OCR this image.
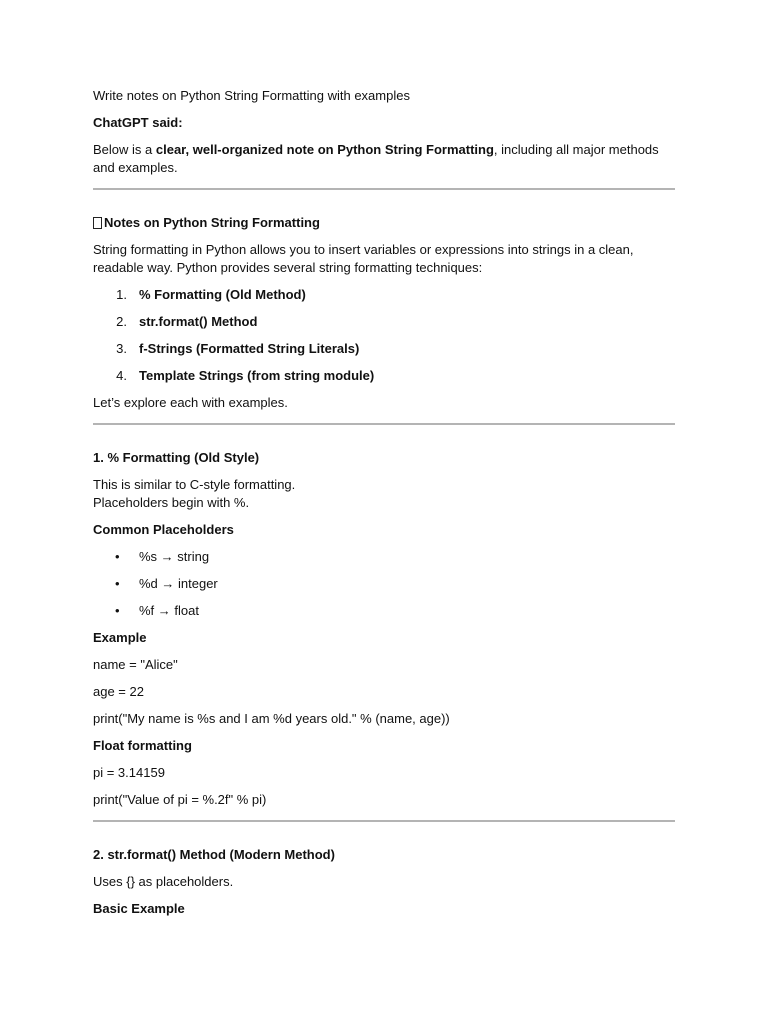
Write notes on Python String Formatting with examples

ChatGPT said:

Below is a clear, well-organized note on Python String Formatting, including all major methods and examples.

Notes on Python String Formatting

String formatting in Python allows you to insert variables or expressions into strings in a clean, readable way. Python provides several string formatting techniques:

1. % Formatting (Old Method)
2. str.format() Method
3. f-Strings (Formatted String Literals)
4. Template Strings (from string module)

Let’s explore each with examples.

1. % Formatting (Old Style)

This is similar to C-style formatting.

Placeholders begin with %.

Common Placeholders

•	%s → string
•	%d → integer
•	%f → float

Example

name = "Alice"

age = 22

print("My name is %s and I am %d years old." % (name, age))

Float formatting

pi = 3.14159

print("Value of pi = %.2f" % pi)

2. str.format() Method (Modern Method)

Uses {} as placeholders.

Basic Example
